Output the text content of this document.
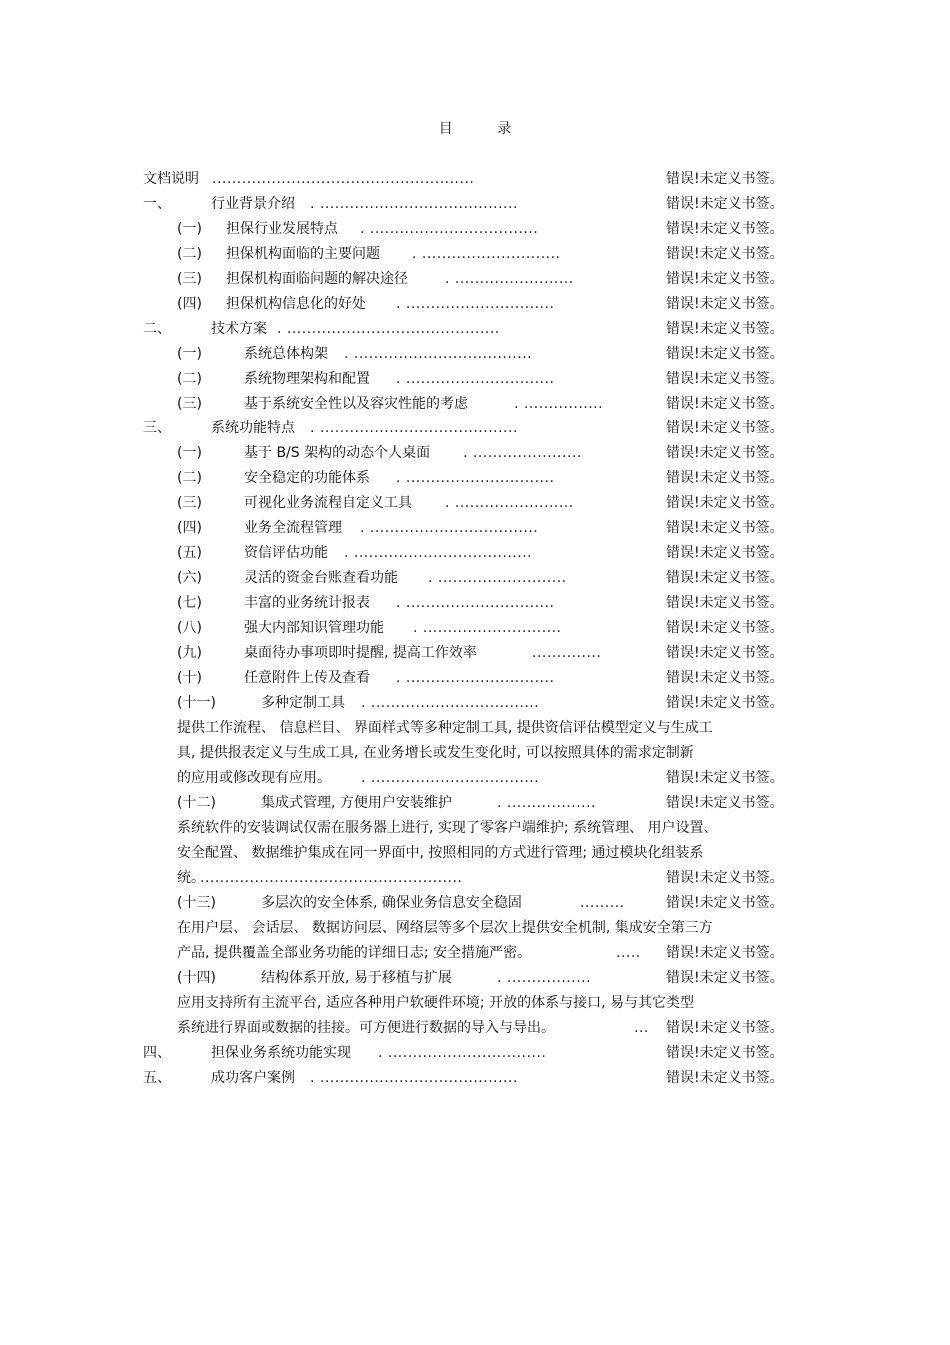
目 录
文档说明 .....................................................	错误!未定义书签。
一、	行业背景介绍 . ........................................	错误!未定义书签。
(一) 担保行业发展特点 . ..................................	错误!未定义书签。
(二) 担保机构面临的主要问题 . ............................	错误!未定义书签。
(三) 担保机构面临问题的解决途径	. ........................	错误!未定义书签。
(四) 担保机构信息化的好处 . ..............................	错误!未定义书签。
二、	技术方案 . ...........................................	错误!未定义书签。
(一)	系统总体构架 . ....................................	错误!未定义书签。
(二)	系统物理架构和配置 . ..............................	错误!未定义书签。
(三)	基于系统安全性以及容灾性能的考虑	. ................	错误!未定义书签。
三、	系统功能特点 . ........................................	错误!未定义书签。
(一)	基于 B/S 架构的动态个人桌面 . ......................	错误!未定义书签。
(二)	安全稳定的功能体系 . ..............................	错误!未定义书签。
(三)	可视化业务流程自定义工具 . ........................	错误!未定义书签。
(四)	业务全流程管理 . ..................................	错误!未定义书签。
(五)	资信评估功能 . ....................................	错误!未定义书签。
(六)	灵活的资金台账查看功能 . ..........................	错误!未定义书签。
(七)	丰富的业务统计报表 . ..............................	错误!未定义书签。
(八)	强大内部知识管理功能 . ............................	错误!未定义书签。
(九)	桌面待办事项即时提醒, 提高工作效率	..............	错误!未定义书签。
(十)	任意附件上传及查看 . ..............................	错误!未定义书签。
(十一)	多种定制工具 . ..................................	错误!未定义书签。
提供工作流程、 信息栏目、 界面样式等多种定制工具, 提供资信评估模型定义与生成工
具, 提供报表定义与生成工具, 在业务增长或发生变化时, 可以按照具体的需求定制新
的应用或修改现有应用。 . ..................................	错误!未定义书签。
(十二)	集成式管理, 方便用户安装维护	. ..................	错误!未定义书签。
系统软件的安装调试仅需在服务器上进行, 实现了零客户端维护; 系统管理、 用户设置、
安全配置、 数据维护集成在同一界面中, 按照相同的方式进行管理; 通过模块化组装系
统。
.....................................................	错误!未定义书签。
(十三)	多层次的安全体系, 确保业务信息安全稳固	.........	错误!未定义书签。
在用户层、 会话层、 数据访问层、网络层等多个层次上提供安全机制, 集成安全第三方
产品, 提供覆盖全部业务功能的详细日志; 安全措施严密。	..... 错误!未定义书签。
(十四)	结构体系开放, 易于移植与扩展	. .................	错误!未定义书签。
应用支持所有主流平台, 适应各种用户软硬件环境; 开放的体系与接口, 易与其它类型
系统进行界面或数据的挂接。可方便进行数据的导入与导出。	... 错误!未定义书签。
四、	担保业务系统功能实现 . ................................	错误!未定义书签。
五、	成功客户案例 . ........................................	错误!未定义书签。
